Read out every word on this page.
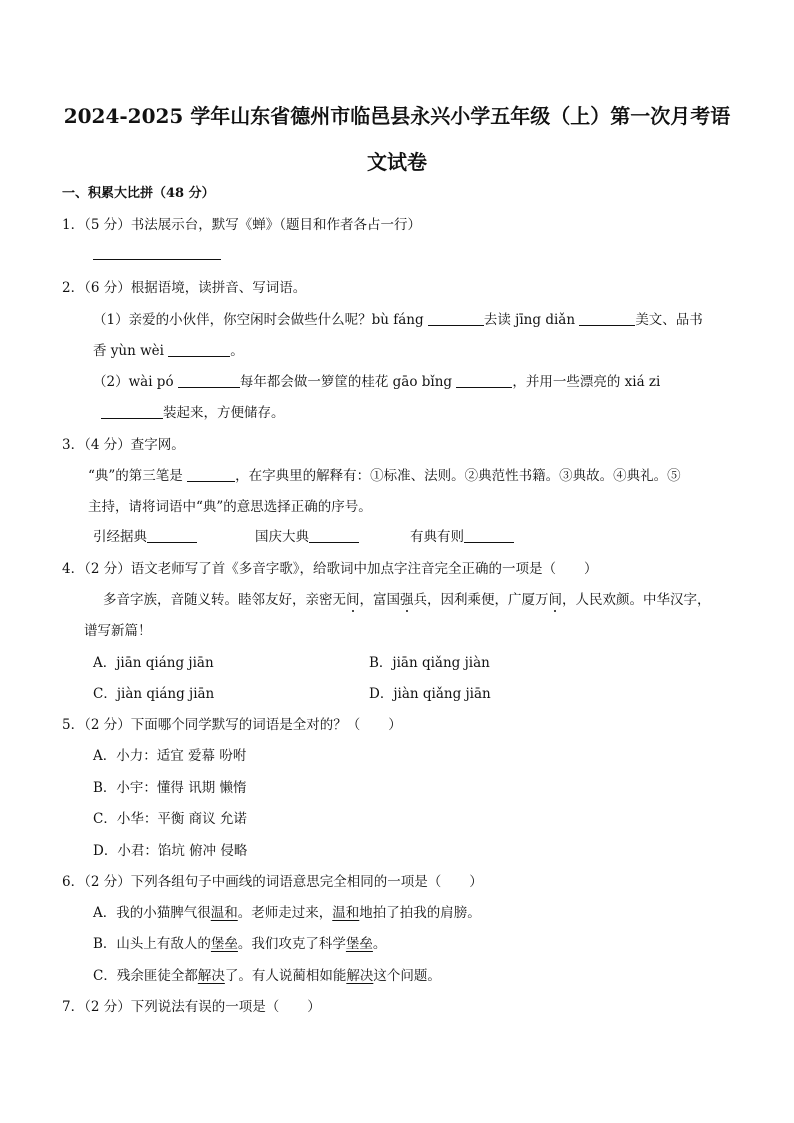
2024-2025 学年山东省德州市临邑县永兴小学五年级（上）第一次月考语
文试卷
一、积累大比拼（48 分）
1．（5 分）书法展示台，默写《蝉》（题目和作者各占一行）
2．（6 分）根据语境，读拼音、写词语。
（1）亲爱的小伙伴，你空闲时会做些什么呢？bù fáng	去读 jīng diǎn	美文、品书
香 yùn wèi	。
（2）wài pó	每年都会做一箩筐的桂花 gāo bǐng	，并用一些漂亮的 xiá zi
装起来，方便储存。
3．（4 分）查字网。
“典”的第三笔是	，在字典里的解释有：①标准、法则。②典范性书籍。③典故。④典礼。⑤
主持，请将词语中“典”的意思选择正确的序号。
引经据典	国庆大典	有典有则
4．（2 分）语文老师写了首《多音字歌》，给歌词中加点字注音完全正确的一项是（ ）
多音字族，音随义转。睦邻友好，亲密无间，富国强兵，因利乘便，广厦万间，人民欢颜。中华汉字，
谱写新篇！
A．jiān qiáng jiān	B．jiān qiǎng jiàn
C．jiàn qiáng jiān	D．jiàn qiǎng jiān
5．（2 分）下面哪个同学默写的词语是全对的？（ ）
A．小力：适宜 爱幕 吩咐
B．小宇：懂得 讯期 懒惰
C．小华：平衡 商议 允诺
D．小君：馅坑 俯冲 侵略
6．（2 分）下列各组句子中画线的词语意思完全相同的一项是（ ）
A．我的小猫脾气很温和。老师走过来，温和地拍了拍我的肩膀。
B．山头上有敌人的堡垒。我们攻克了科学堡垒。
C．残余匪徒全都解决了。有人说蔺相如能解决这个问题。
7．（2 分）下列说法有误的一项是（ ）
